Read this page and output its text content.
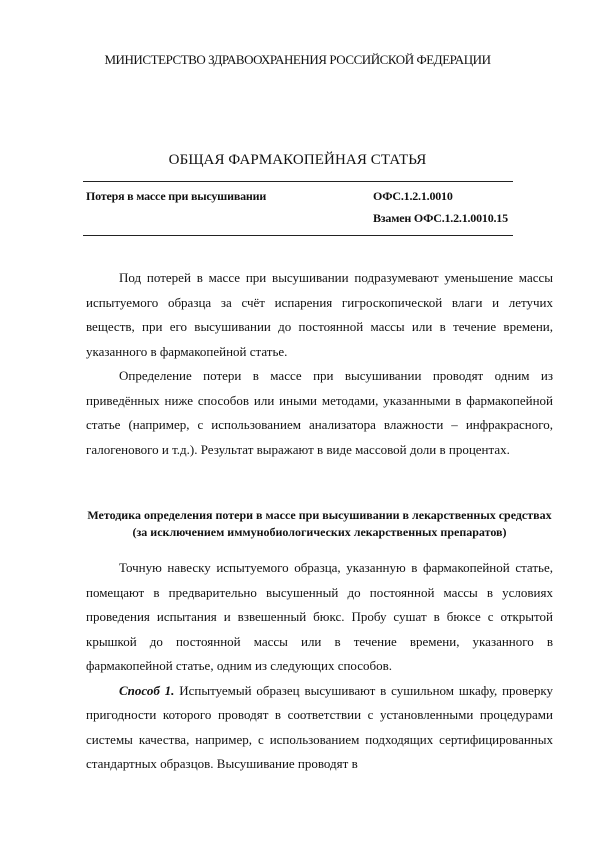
МИНИСТЕРСТВО ЗДРАВООХРАНЕНИЯ РОССИЙСКОЙ ФЕДЕРАЦИИ
ОБЩАЯ ФАРМАКОПЕЙНАЯ СТАТЬЯ
Потеря в массе при высушивании	ОФС.1.2.1.0010
Взамен ОФС.1.2.1.0010.15

Под потерей в массе при высушивании подразумевают уменьшение массы испытуемого образца за счёт испарения гигроскопической влаги и летучих веществ, при его высушивании до постоянной массы или в течение времени, указанного в фармакопейной статье.

Определение потери в массе при высушивании проводят одним из приведённых ниже способов или иными методами, указанными в фармакопейной статье (например, с использованием анализатора влажности – инфракрасного, галогенового и т.д.). Результат выражают в виде массовой доли в процентах.

Методика определения потери в массе при высушивании в лекарственных средствах (за исключением иммунобиологических лекарственных препаратов)

Точную навеску испытуемого образца, указанную в фармакопейной статье, помещают в предварительно высушенный до постоянной массы в условиях проведения испытания и взвешенный бюкс. Пробу сушат в бюксе с открытой крышкой до постоянной массы или в течение времени, указанного в фармакопейной статье, одним из следующих способов.

Способ 1. Испытуемый образец высушивают в сушильном шкафу, проверку пригодности которого проводят в соответствии с установленными процедурами системы качества, например, с использованием подходящих сертифицированных стандартных образцов. Высушивание проводят в
